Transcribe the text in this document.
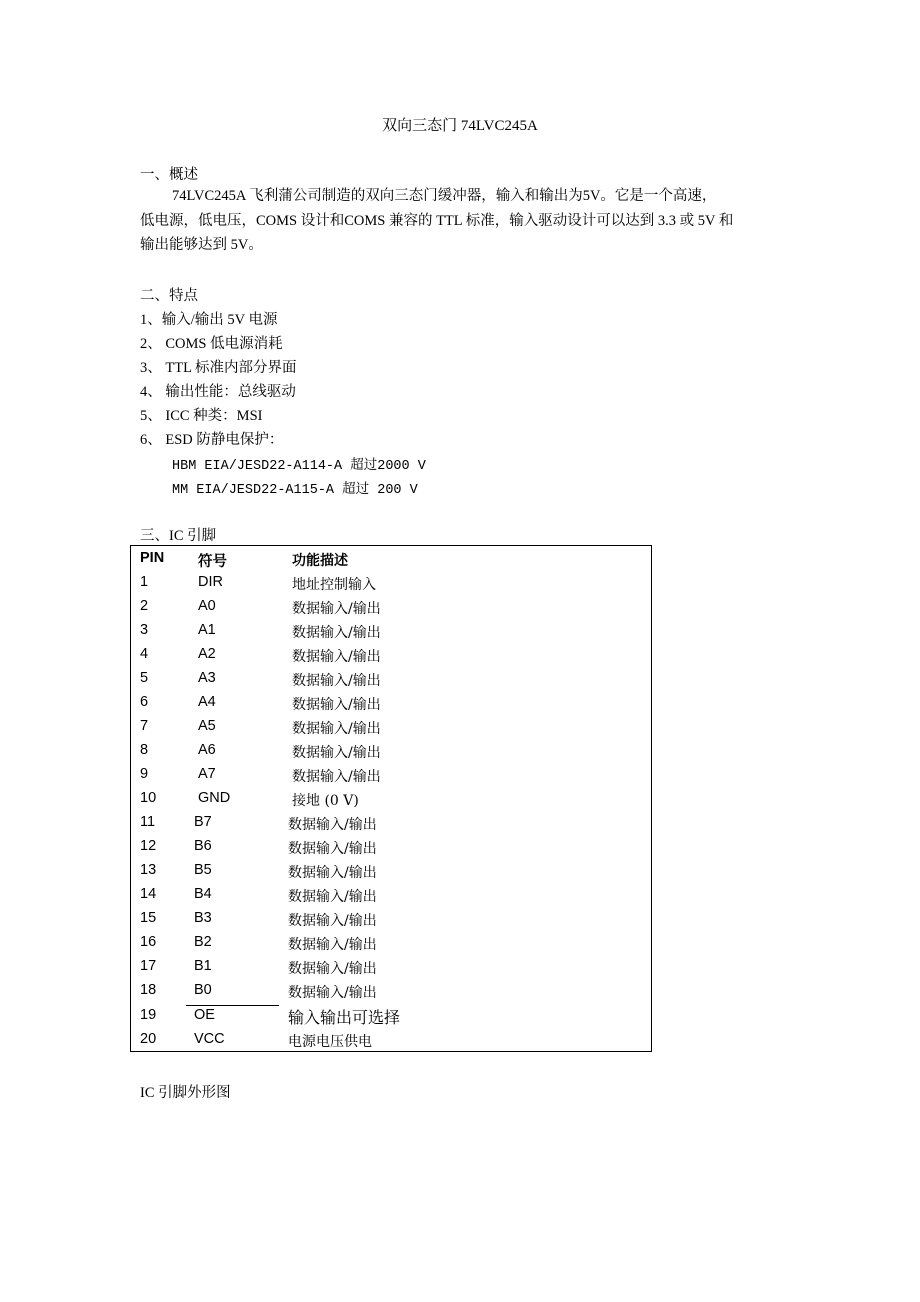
双向三态门 74LVC245A
一、概述
74LVC245A 飞利蒲公司制造的双向三态门缓冲器，输入和输出为5V。它是一个高速，
低电源，低电压，COMS 设计和COMS 兼容的 TTL 标准，输入驱动设计可以达到 3.3 或 5V 和
输出能够达到 5V。
二、特点
1、输入/输出 5V 电源
2、 COMS 低电源消耗
3、 TTL 标准内部分界面
4、 输出性能：总线驱动
5、 ICC 种类：MSI
6、 ESD 防静电保护：
HBM EIA/JESD22-A114-A 超过2000 V
MM EIA/JESD22-A115-A 超过 200 V
三、IC 引脚
PIN 符号	功能描述
1	DIR	地址控制输入
2	A0	数据输入/输出
3	A1	数据输入/输出
4	A2	数据输入/输出
5	A3	数据输入/输出
6	A4	数据输入/输出
7	A5	数据输入/输出
8	A6	数据输入/输出
9	A7	数据输入/输出
10	GND	接地 (0 V)
11	B7	数据输入/输出
12	B6	数据输入/输出
13	B5	数据输入/输出
14	B4	数据输入/输出
15	B3	数据输入/输出
16	B2	数据输入/输出
17	B1	数据输入/输出
18	B0	数据输入/输出
19	OE	输入输出可选择
20	VCC	电源电压供电
IC 引脚外形图
